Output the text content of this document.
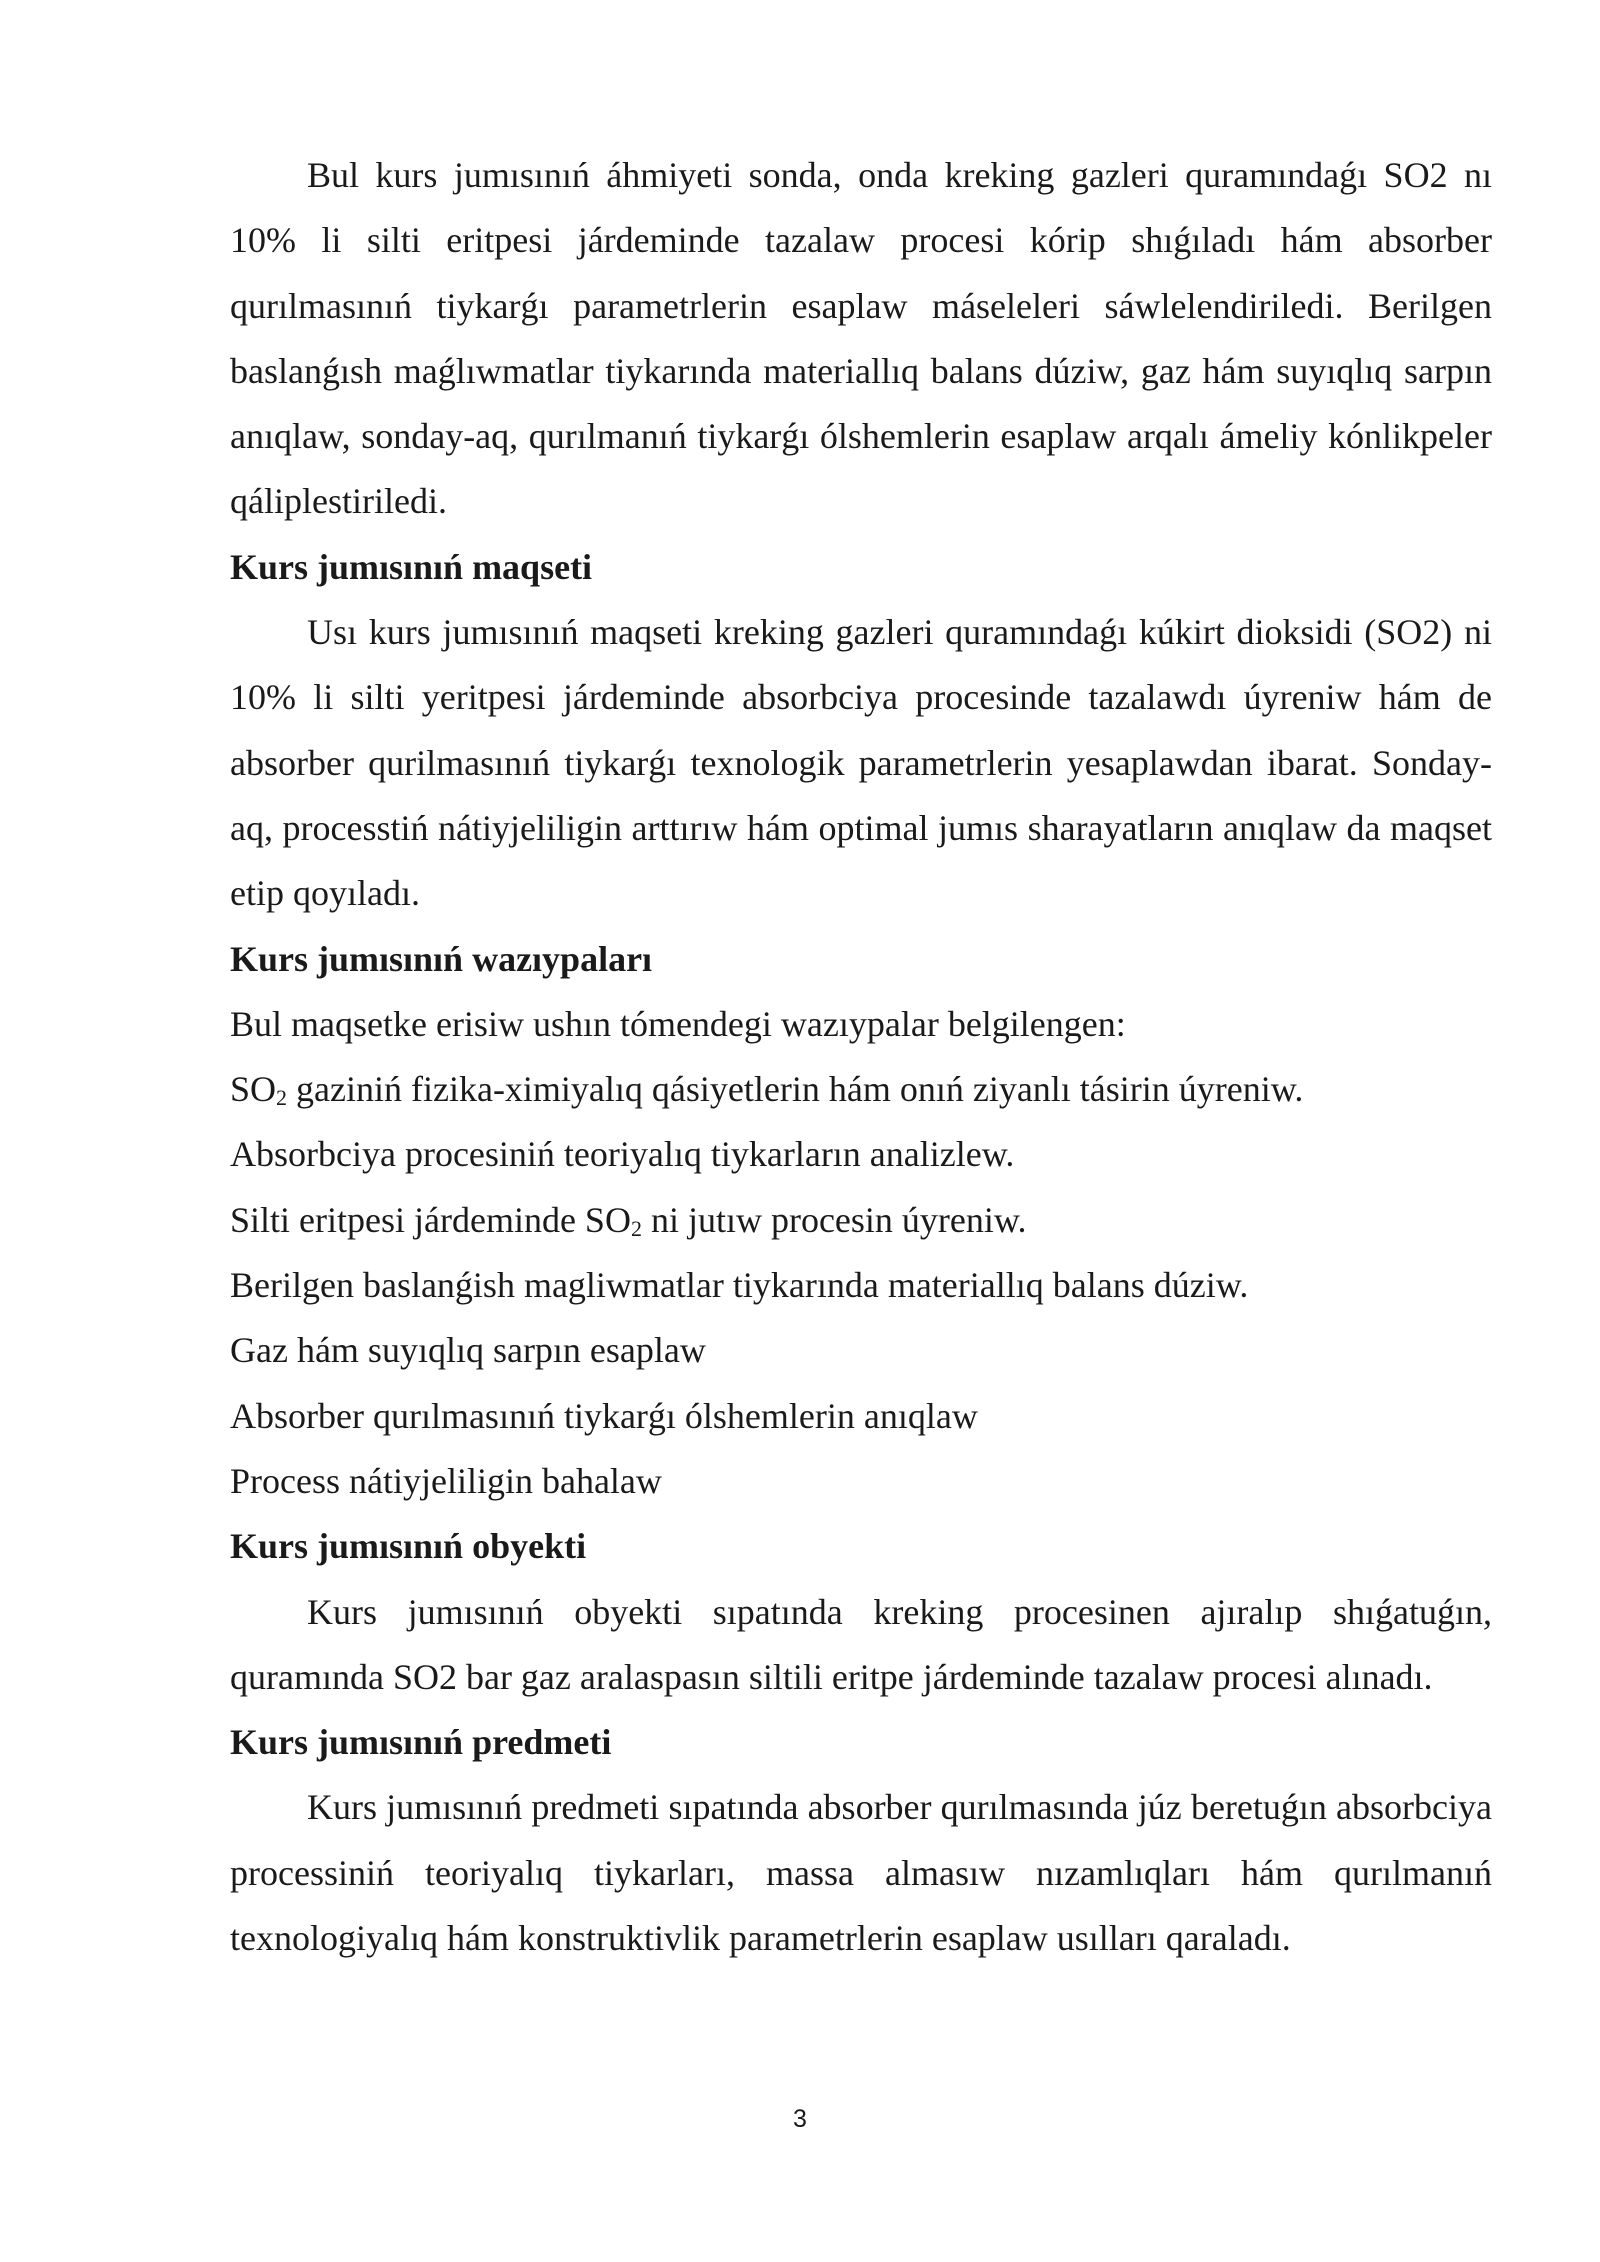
Bul kurs jumısınıń áhmiyeti sonda, onda kreking gazleri quramındaǵı SO2 nı 10% li silti eritpesi járdeminde tazalaw procesi kórip shıǵıladı hám absorber qurılmasınıń tiykarǵı parametrlerin esaplaw máseleleri sáwlelendiriledi. Berilgen baslanǵısh maǵlıwmatlar tiykarında materiallıq balans dúziw, gaz hám suyıqlıq sarpın anıqlaw, sonday-aq, qurılmanıń tiykarǵı ólshemlerin esaplaw arqalı ámeliy kónlikpeler qáliplestiriledi.

Kurs jumısınıń maqseti

Usı kurs jumısınıń maqseti kreking gazleri quramındaǵı kúkirt dioksidi (SO2) ni 10% li silti yeritpesi járdeminde absorbciya procesinde tazalawdı úyreniw hám de absorber qurilmasınıń tiykarǵı texnologik parametrlerin yesaplawdan ibarat. Sonday-aq, processtiń nátiyjeliligin arttırıw hám optimal jumıs sharayatların anıqlaw da maqset etip qoyıladı.

Kurs jumısınıń wazıypaları

Bul maqsetke erisiw ushın tómendegi wazıypalar belgilengen:

$SO_2$ gaziniń fizika-ximiyalıq qásiyetlerin hám onıń ziyanlı tásirin úyreniw.

Absorbciya procesiniń teoriyalıq tiykarların analizlew.

Silti eritpesi járdeminde $SO_2$ ni jutıw procesin úyreniw.

Berilgen baslanǵish magliwmatlar tiykarında materiallıq balans dúziw.

Gaz hám suyıqlıq sarpın esaplaw

Absorber qurılmasınıń tiykarǵı ólshemlerin anıqlaw

Process nátiyjeliligin bahalaw

Kurs jumısınıń obyekti

Kurs jumısınıń obyekti sıpatında kreking procesinen ajıralıp shıǵatuǵın, quramında SO2 bar gaz aralaspasın siltili eritpe járdeminde tazalaw procesi alınadı.

Kurs jumısınıń predmeti

Kurs jumısınıń predmeti sıpatında absorber qurılmasında júz beretuǵın absorbciya processiniń teoriyalıq tiykarları, massa almasıw nızamlıqları hám qurılmanıń texnologiyalıq hám konstruktivlik parametrlerin esaplaw usılları qaraladı.

3
